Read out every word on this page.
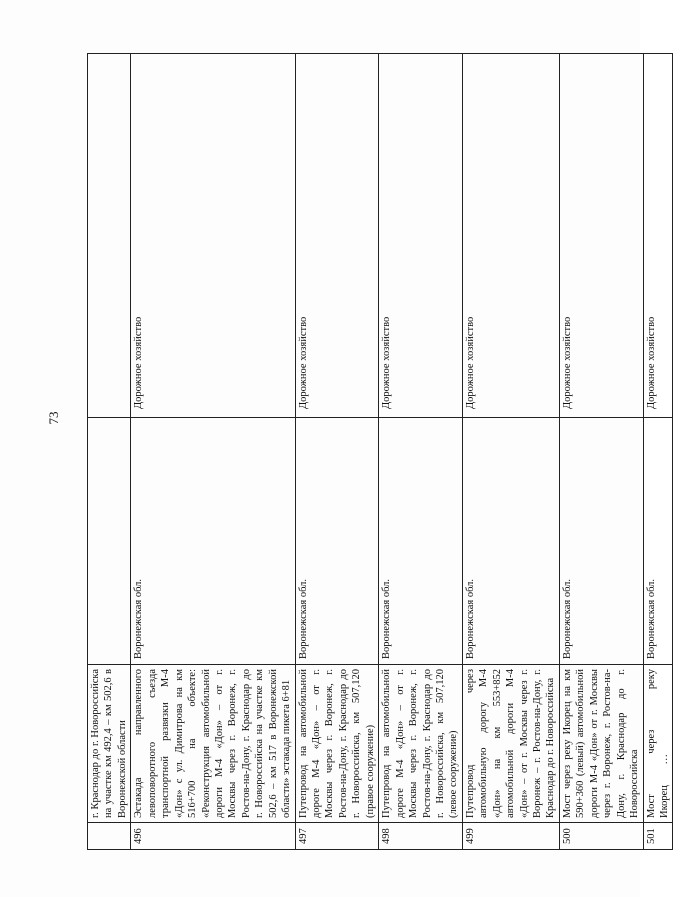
73
	г. Краснодар до г. Новороссийска на участке км 492,4 – км 502,6 в Воронежской области		
496	Эстакада направленного левоповоротного съезда транспортной развязки М-4 «Дон» с ул. Димитрова на км 516+700 на объекте: «Реконструкция автомобильной дороги М-4 «Дон» – от г. Москвы через г. Воронеж, г. Ростов-на-Дону, г. Краснодар до г. Новороссийска на участке км 502,6 – км 517 в Воронежской области» эстакада пикета 6+81	Воронежская обл.	Дорожное хозяйство
497	Путепровод на автомобильной дороге М-4 «Дон» – от г. Москвы через г. Воронеж, г. Ростов-на-Дону, г. Краснодар до г. Новороссийска, км 507,120 (правое сооружение)	Воронежская обл.	Дорожное хозяйство
498	Путепровод на автомобильной дороге М-4 «Дон» – от г. Москвы через г. Воронеж, г. Ростов-на-Дону, г. Краснодар до г. Новороссийска, км 507,120 (левое сооружение)	Воронежская обл.	Дорожное хозяйство
499	Путепровод через автомобильную дорогу М-4 «Дон» на км 553+852 автомобильной дороги М-4 «Дон» – от г. Москвы через г. Воронеж – г. Ростов-на-Дону, г. Краснодар до г. Новороссийска	Воронежская обл.	Дорожное хозяйство
500	Мост через реку Икорец на км 590+360 (левый) автомобильной дороги М-4 «Дон» от г. Москвы через г. Воронеж, г. Ростов-на-Дону, г. Краснодар до г. Новороссийска	Воронежская обл.	Дорожное хозяйство
501	Мост через реку Икорец …	Воронежская обл.	Дорожное хозяйство
